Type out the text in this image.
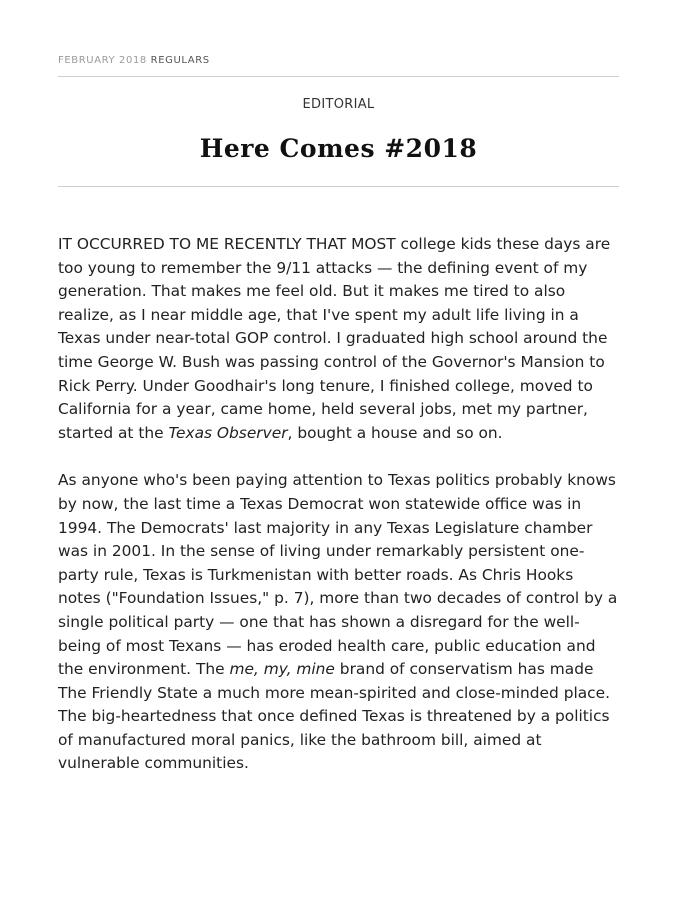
FEBRUARY 2018 REGULARS
EDITORIAL
Here Comes #2018

IT OCCURRED TO ME RECENTLY THAT MOST college kids these days are too young to remember the 9/11 attacks — the defining event of my generation. That makes me feel old. But it makes me tired to also realize, as I near middle age, that I've spent my adult life living in a Texas under near-total GOP control. I graduated high school around the time George W. Bush was passing control of the Governor's Mansion to Rick Perry. Under Goodhair's long tenure, I finished college, moved to California for a year, came home, held several jobs, met my partner, started at the Texas Observer, bought a house and so on.

As anyone who's been paying attention to Texas politics probably knows by now, the last time a Texas Democrat won statewide office was in 1994. The Democrats' last majority in any Texas Legislature chamber was in 2001. In the sense of living under remarkably persistent one-party rule, Texas is Turkmenistan with better roads. As Chris Hooks notes ("Foundation Issues," p. 7), more than two decades of control by a single political party — one that has shown a disregard for the well-being of most Texans — has eroded health care, public education and the environment. The me, my, mine brand of conservatism has made The Friendly State a much more mean-spirited and close-minded place. The big-heartedness that once defined Texas is threatened by a politics of manufactured moral panics, like the bathroom bill, aimed at vulnerable communities.
